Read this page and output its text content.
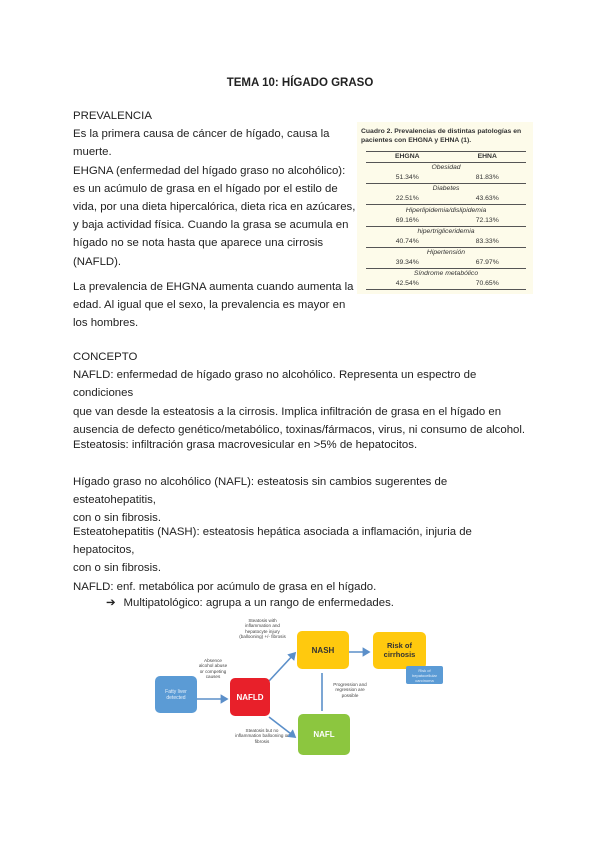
TEMA 10: HÍGADO GRASO
PREVALENCIA
Es la primera causa de cáncer de hígado, causa la
muerte.
EHGNA (enfermedad del hígado graso no alcohólico):
es un acúmulo de grasa en el hígado por el estilo de
vida, por una dieta hipercalórica, dieta rica en azúcares,
y baja actividad física. Cuando la grasa se acumula en
hígado no se nota hasta que aparece una cirrosis
(NAFLD).
La prevalencia de EHGNA aumenta cuando aumenta la
edad. Al igual que el sexo, la prevalencia es mayor en
los hombres.
Cuadro 2. Prevalencias de distintas patologías en pacientes con EHGNA y EHNA (1).
EHGNA	EHNA
Obesidad	
51.34%	81.83%
Diabetes	
22.51%	43.63%
Hiperlipidemia/dislipidemia	
69.16%	72.13%
hipertrigliceridemia	
40.74%	83.33%
Hipertensión	
39.34%	67.97%
Síndrome metabólico	
42.54%	70.65%
CONCEPTO
NAFLD: enfermedad de hígado graso no alcohólico. Representa un espectro de condiciones
que van desde la esteatosis a la cirrosis. Implica infiltración de grasa en el hígado en
ausencia de defecto genético/metabólico, toxinas/fármacos, virus, ni consumo de alcohol.
Esteatosis: infiltración grasa macrovesicular en >5% de hepatocitos.
Hígado graso no alcohólico (NAFL): esteatosis sin cambios sugerentes de esteatohepatitis,
con o sin fibrosis.
Esteatohepatitis (NASH): esteatosis hepática asociada a inflamación, injuria de hepatocitos,
con o sin fibrosis.
NAFLD: enf. metabólica por acúmulo de grasa en el hígado.
➔ Multipatológico: agrupa a un rango de enfermedades.
Fatty liver detected	NAFLD
NASH	Risk of cirrhosis
Risk of hepatocellular carcinoma
NAFL
Absence alcohol abuse or competing causes
Steatosis with inflammation and hepatocyte injury (ballooning) +/- fibrosis
Progression and regression are possible
Steatosis but no inflammation ballooning or fibrosis
